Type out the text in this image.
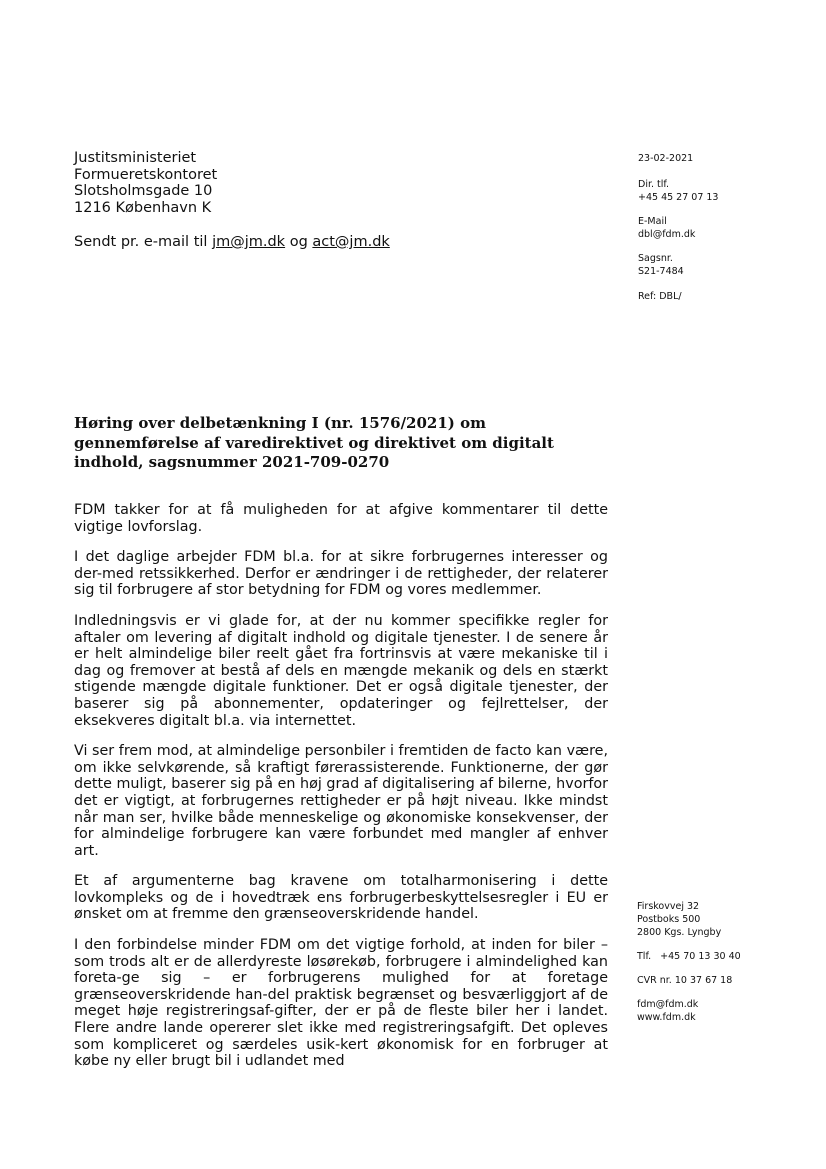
Justitsministeriet
Formueretskontoret
Slotsholmsgade 10
1216 København K
Sendt pr. e-mail til jm@jm.dk og act@jm.dk
23-02-2021
Dir. tlf.
+45 45 27 07 13
E-Mail
dbl@fdm.dk
Sagsnr.
S21-7484
Ref: DBL/
Høring over delbetænkning I (nr. 1576/2021) om gennemførelse af varedirektivet og direktivet om digitalt indhold, sagsnummer 2021-709-0270

FDM takker for at få muligheden for at afgive kommentarer til dette vigtige lovforslag.

I det daglige arbejder FDM bl.a. for at sikre forbrugernes interesser og der-med retssikkerhed. Derfor er ændringer i de rettigheder, der relaterer sig til forbrugere af stor betydning for FDM og vores medlemmer.

Indledningsvis er vi glade for, at der nu kommer specifikke regler for aftaler om levering af digitalt indhold og digitale tjenester. I de senere år er helt almindelige biler reelt gået fra fortrinsvis at være mekaniske til i dag og fremover at bestå af dels en mængde mekanik og dels en stærkt stigende mængde digitale funktioner. Det er også digitale tjenester, der baserer sig på abonnementer, opdateringer og fejlrettelser, der eksekveres digitalt bl.a. via internettet.

Vi ser frem mod, at almindelige personbiler i fremtiden de facto kan være, om ikke selvkørende, så kraftigt førerassisterende. Funktionerne, der gør dette muligt, baserer sig på en høj grad af digitalisering af bilerne, hvorfor det er vigtigt, at forbrugernes rettigheder er på højt niveau. Ikke mindst når man ser, hvilke både menneskelige og økonomiske konsekvenser, der for almindelige forbrugere kan være forbundet med mangler af enhver art.

Et af argumenterne bag kravene om totalharmonisering i dette lovkompleks og de i hovedtræk ens forbrugerbeskyttelsesregler i EU er ønsket om at fremme den grænseoverskridende handel.

I den forbindelse minder FDM om det vigtige forhold, at inden for biler – som trods alt er de allerdyreste løsørekøb, forbrugere i almindelighed kan foreta-ge sig – er forbrugerens mulighed for at foretage grænseoverskridende han-del praktisk begrænset og besværliggjort af de meget høje registreringsaf-gifter, der er på de fleste biler her i landet. Flere andre lande opererer slet ikke med registreringsafgift. Det opleves som kompliceret og særdeles usik-kert økonomisk for en forbruger at købe ny eller brugt bil i udlandet med

Firskovvej 32
Postboks 500
2800 Kgs. Lyngby
Tlf.   +45 70 13 30 40
CVR nr. 10 37 67 18
fdm@fdm.dk
www.fdm.dk
